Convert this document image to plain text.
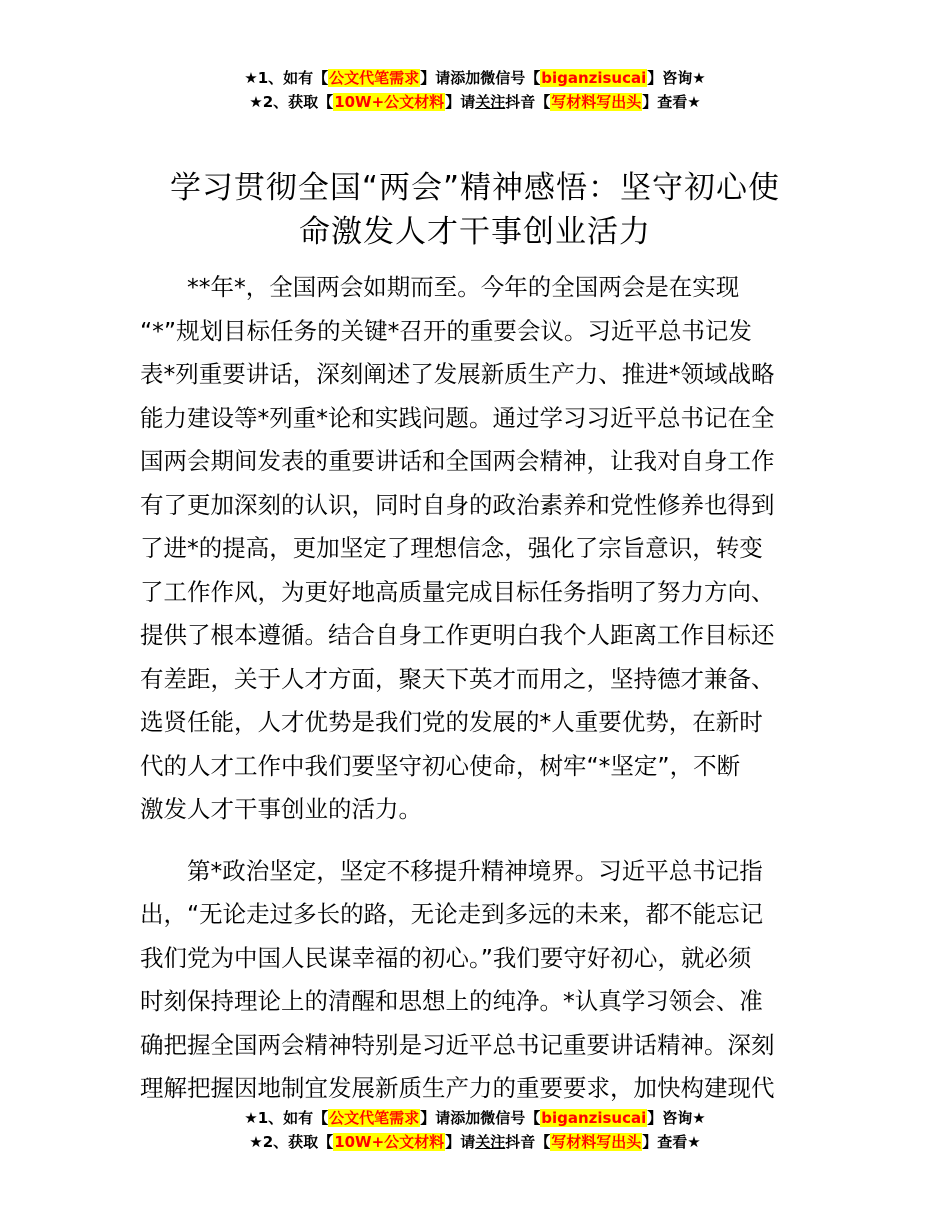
★1、如有【公文代笔需求】请添加微信号【biganzisucai】咨询★
★2、获取【10W+公文材料】请关注抖音【写材料写出头】查看★
学习贯彻全国“两会”精神感悟：坚守初心使
命激发人才干事创业活力
　　**年*，全国两会如期而至。今年的全国两会是在实现
“*”规划目标任务的关键*召开的重要会议。习近平总书记发
表*列重要讲话，深刻阐述了发展新质生产力、推进*领域战略
能力建设等*列重*论和实践问题。通过学习习近平总书记在全
国两会期间发表的重要讲话和全国两会精神，让我对自身工作
有了更加深刻的认识，同时自身的政治素养和党性修养也得到
了进*的提高，更加坚定了理想信念，强化了宗旨意识，转变
了工作作风，为更好地高质量完成目标任务指明了努力方向、
提供了根本遵循。结合自身工作更明白我个人距离工作目标还
有差距，关于人才方面，聚天下英才而用之，坚持德才兼备、
选贤任能，人才优势是我们党的发展的*人重要优势，在新时
代的人才工作中我们要坚守初心使命，树牢“*坚定”，不断
激发人才干事创业的活力。
　　第*政治坚定，坚定不移提升精神境界。习近平总书记指
出，“无论走过多长的路，无论走到多远的未来，都不能忘记
我们党为中国人民谋幸福的初心。”我们要守好初心，就必须
时刻保持理论上的清醒和思想上的纯净。*认真学习领会、准
确把握全国两会精神特别是习近平总书记重要讲话精神。深刻
理解把握因地制宜发展新质生产力的重要要求，加快构建现代
★1、如有【公文代笔需求】请添加微信号【biganzisucai】咨询★
★2、获取【10W+公文材料】请关注抖音【写材料写出头】查看★
